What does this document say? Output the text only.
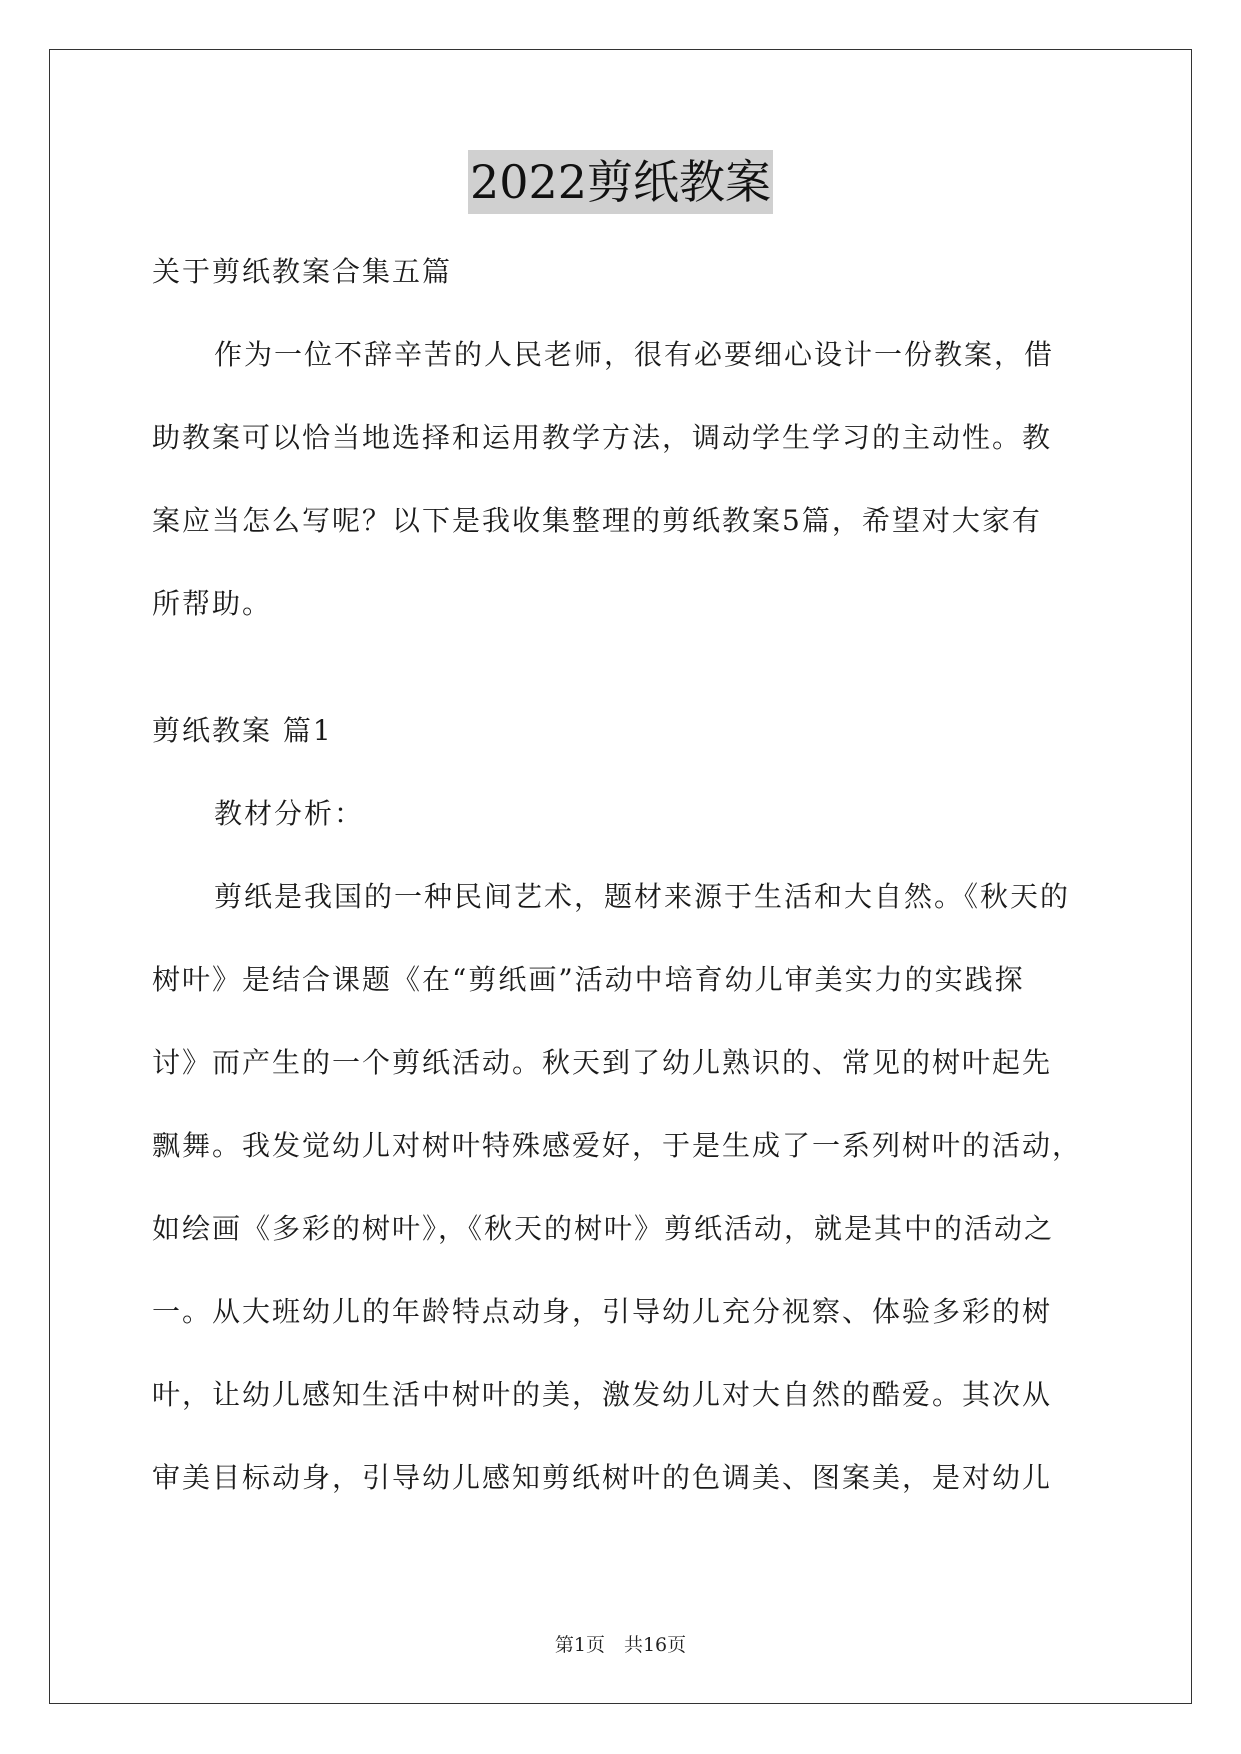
2022剪纸教案
关于剪纸教案合集五篇
作为一位不辞辛苦的人民老师，很有必要细心设计一份教案，借
助教案可以恰当地选择和运用教学方法，调动学生学习的主动性。教
案应当怎么写呢？以下是我收集整理的剪纸教案5篇，希望对大家有
所帮助。
剪纸教案 篇1
教材分析：
剪纸是我国的一种民间艺术，题材来源于生活和大自然。《秋天的
树叶》是结合课题《在“剪纸画”活动中培育幼儿审美实力的实践探
讨》而产生的一个剪纸活动。秋天到了幼儿熟识的、常见的树叶起先
飘舞。我发觉幼儿对树叶特殊感爱好，于是生成了一系列树叶的活动，
如绘画《多彩的树叶》，《秋天的树叶》剪纸活动，就是其中的活动之
一。从大班幼儿的年龄特点动身，引导幼儿充分视察、体验多彩的树
叶，让幼儿感知生活中树叶的美，激发幼儿对大自然的酷爱。其次从
审美目标动身，引导幼儿感知剪纸树叶的色调美、图案美，是对幼儿
第1页　共16页
